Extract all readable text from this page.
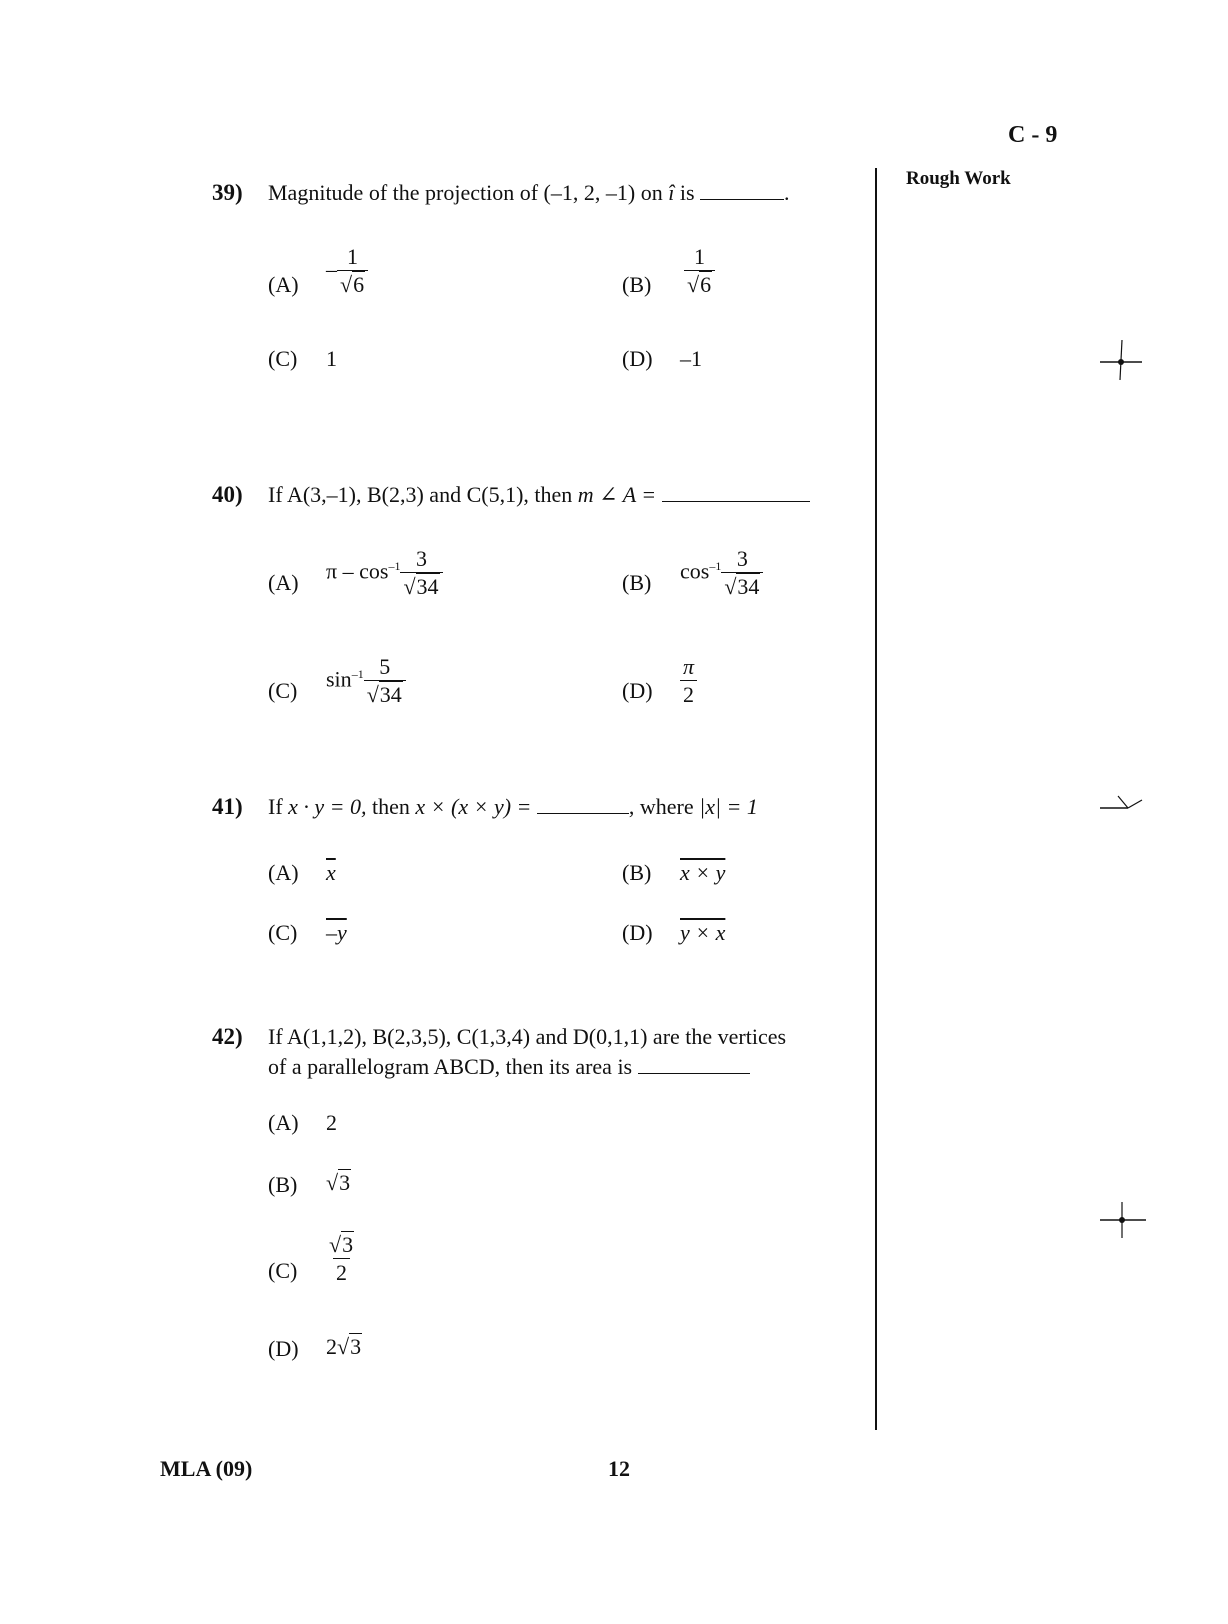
C - 9
Rough Work
39) Magnitude of the projection of (–1, 2, –1) on î is	.
(A)
– $\frac{1}{√6}$	$(B) \frac{1}{√6}$
(C) 1	(D) –1
40) If A(3,–1), B(2,3) and C(5,1), then m ∠ A =
(A) π – $\cos^{-1} \frac{3}{√34}$	(B) $\cos^{-1} \frac{3}{√34}$
(C) $\sin^{-1} \frac{5}{√34}$	$(D) \frac{\pi}{2}$
41) If x · y = 0, then x × (x × y) =	, where |x| = 1
(A) $\overline{x}$	(B) x × y
(C) –y	(D) y × x
42) If A(1,1,2), B(2,3,5), C(1,3,4) and D(0,1,1) are the vertices
of a parallelogram ABCD, then its area is
(A) 2
(B) √3
$(C) \frac{√3}{2}$
(D) 2√3
MLA (09)	12
